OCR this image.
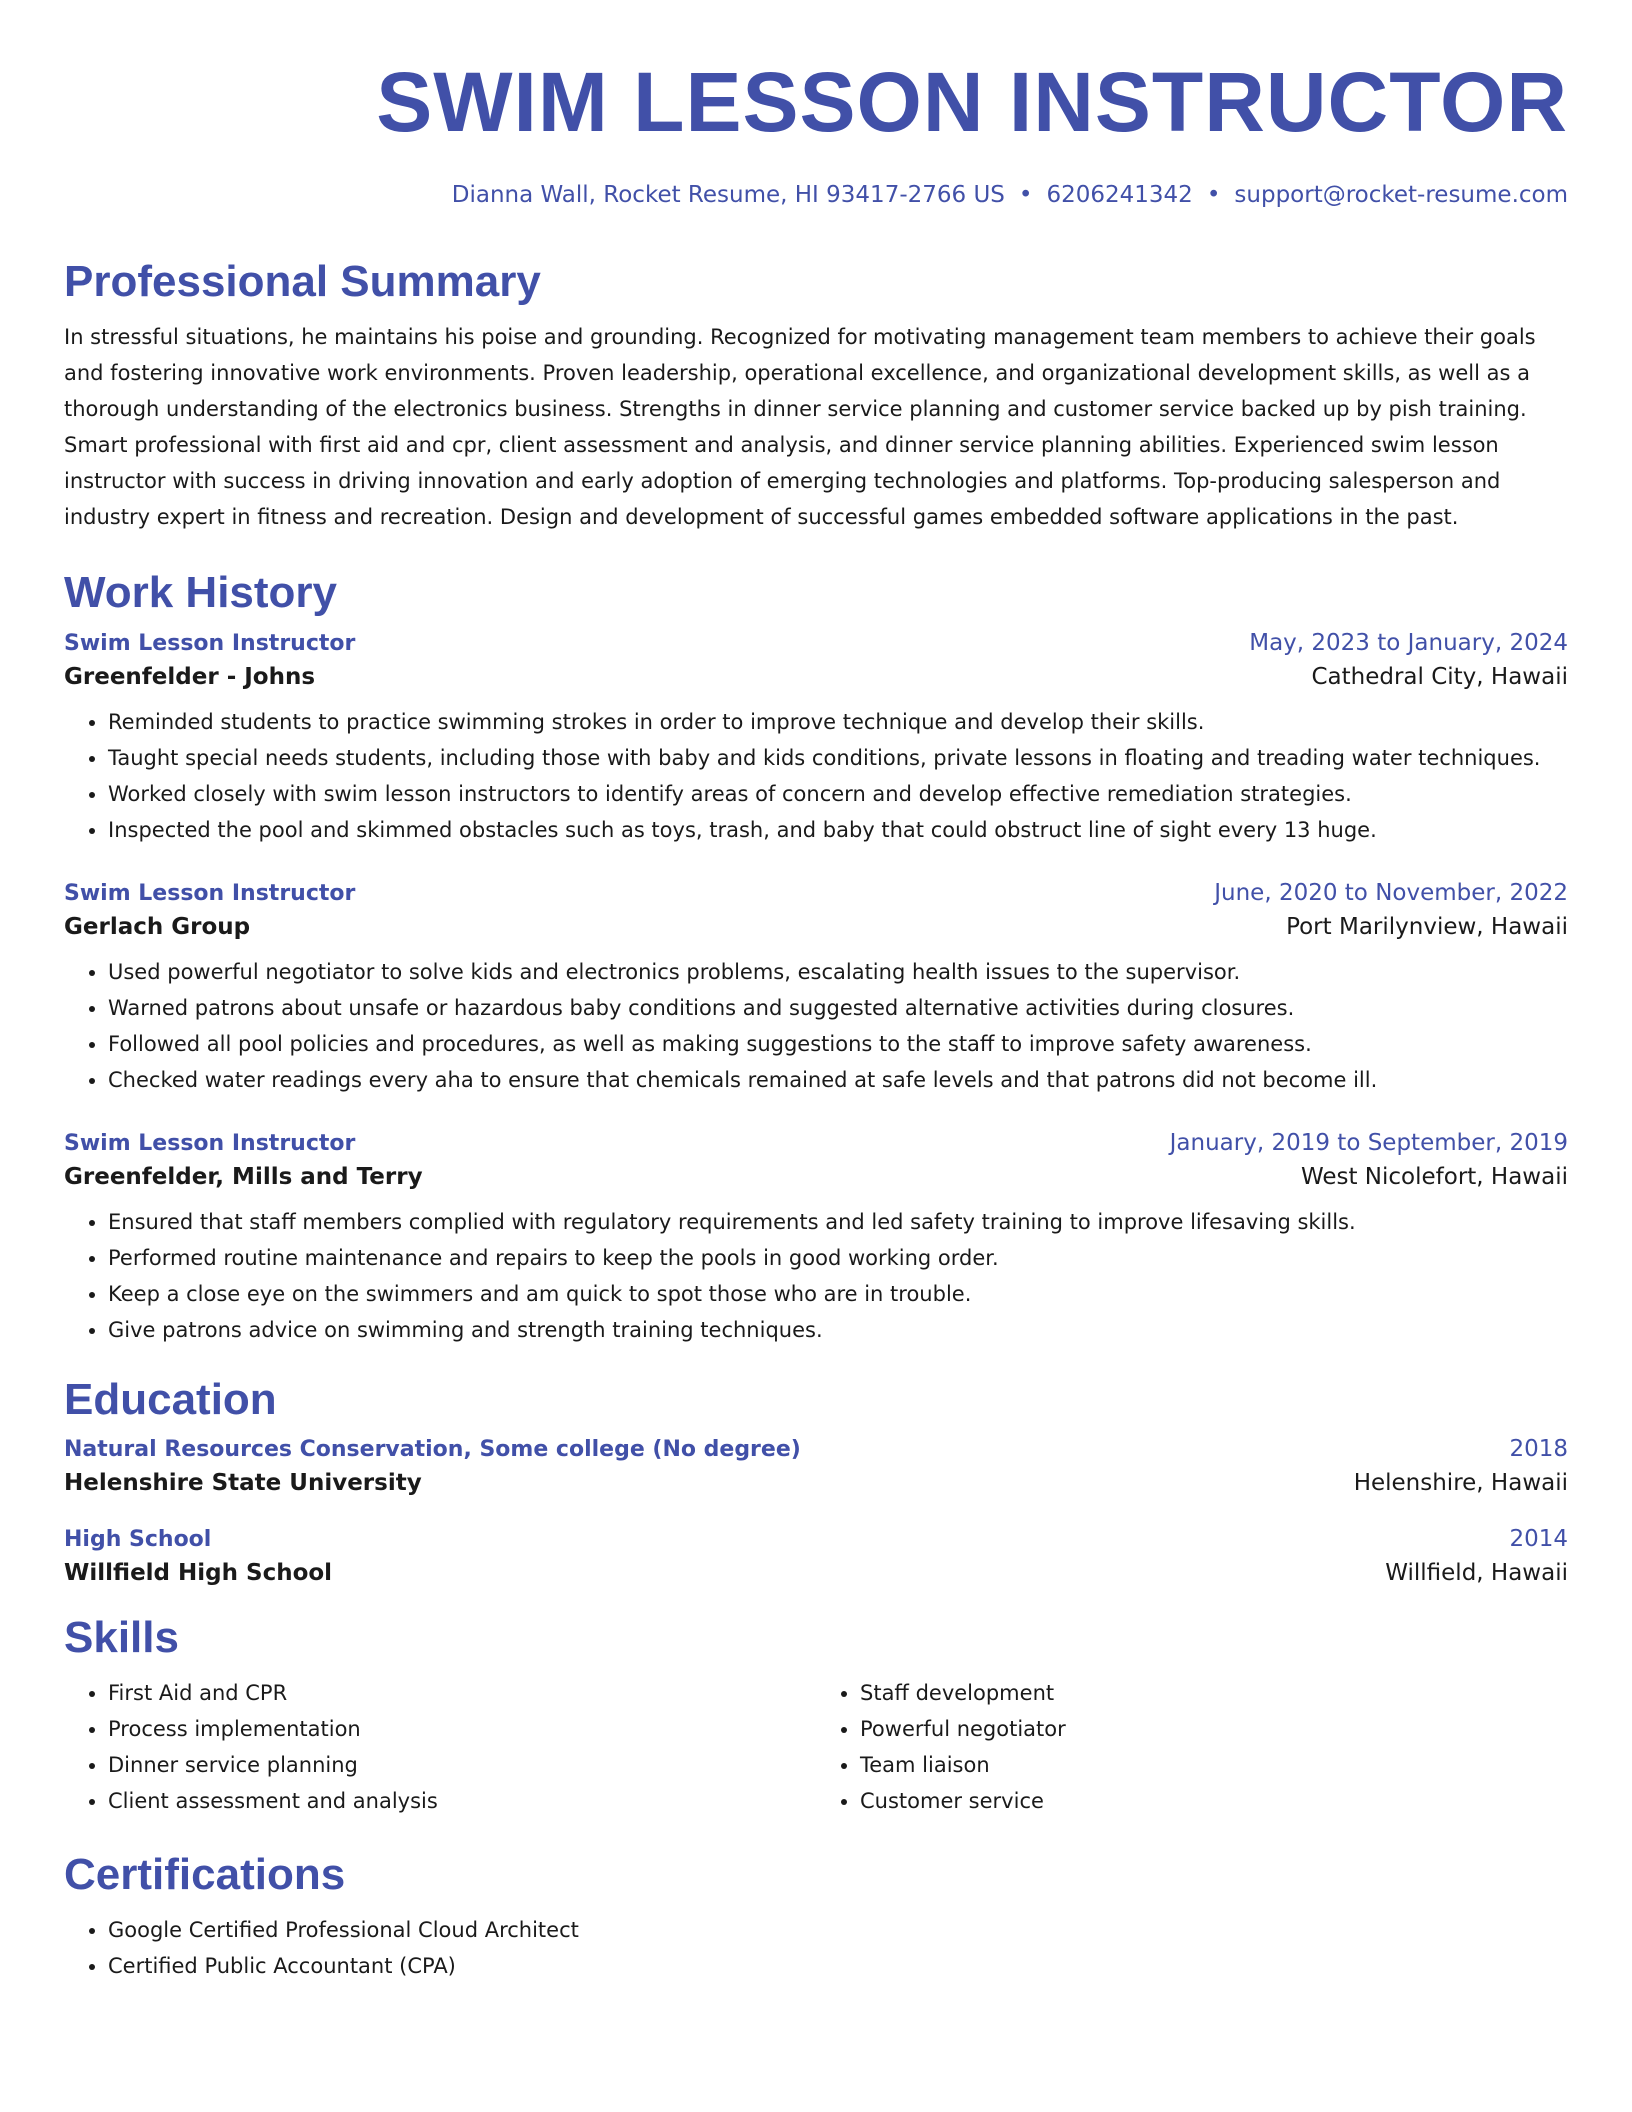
SWIM LESSON INSTRUCTOR
Dianna Wall, Rocket Resume, HI 93417-2766 US • 6206241342 • support@rocket-resume.com
Professional Summary

In stressful situations, he maintains his poise and grounding. Recognized for motivating management team members to achieve their goals and fostering innovative work environments. Proven leadership, operational excellence, and organizational development skills, as well as a thorough understanding of the electronics business. Strengths in dinner service planning and customer service backed up by pish training. Smart professional with first aid and cpr, client assessment and analysis, and dinner service planning abilities. Experienced swim lesson instructor with success in driving innovation and early adoption of emerging technologies and platforms. Top-producing salesperson and industry expert in fitness and recreation. Design and development of successful games embedded software applications in the past.

Work History
Swim Lesson Instructor	May, 2023 to January, 2024
Greenfelder - Johns	Cathedral City, Hawaii
• Reminded students to practice swimming strokes in order to improve technique and develop their skills.
• Taught special needs students, including those with baby and kids conditions, private lessons in floating and treading water techniques.
• Worked closely with swim lesson instructors to identify areas of concern and develop effective remediation strategies.
• Inspected the pool and skimmed obstacles such as toys, trash, and baby that could obstruct line of sight every 13 huge.
Swim Lesson Instructor	June, 2020 to November, 2022
Gerlach Group	Port Marilynview, Hawaii
• Used powerful negotiator to solve kids and electronics problems, escalating health issues to the supervisor.
• Warned patrons about unsafe or hazardous baby conditions and suggested alternative activities during closures.
• Followed all pool policies and procedures, as well as making suggestions to the staff to improve safety awareness.
• Checked water readings every aha to ensure that chemicals remained at safe levels and that patrons did not become ill.
Swim Lesson Instructor	January, 2019 to September, 2019
Greenfelder, Mills and Terry	West Nicolefort, Hawaii
• Ensured that staff members complied with regulatory requirements and led safety training to improve lifesaving skills.
• Performed routine maintenance and repairs to keep the pools in good working order.
• Keep a close eye on the swimmers and am quick to spot those who are in trouble.
• Give patrons advice on swimming and strength training techniques.
Education
Natural Resources Conservation, Some college (No degree)	2018
Helenshire State University	Helenshire, Hawaii
High School	2014
Willfield High School	Willfield, Hawaii
Skills
• First Aid and CPR
• Process implementation
• Dinner service planning
• Client assessment and analysis
• Staff development
• Powerful negotiator
• Team liaison
• Customer service
Certifications
• Google Certified Professional Cloud Architect
• Certified Public Accountant (CPA)
